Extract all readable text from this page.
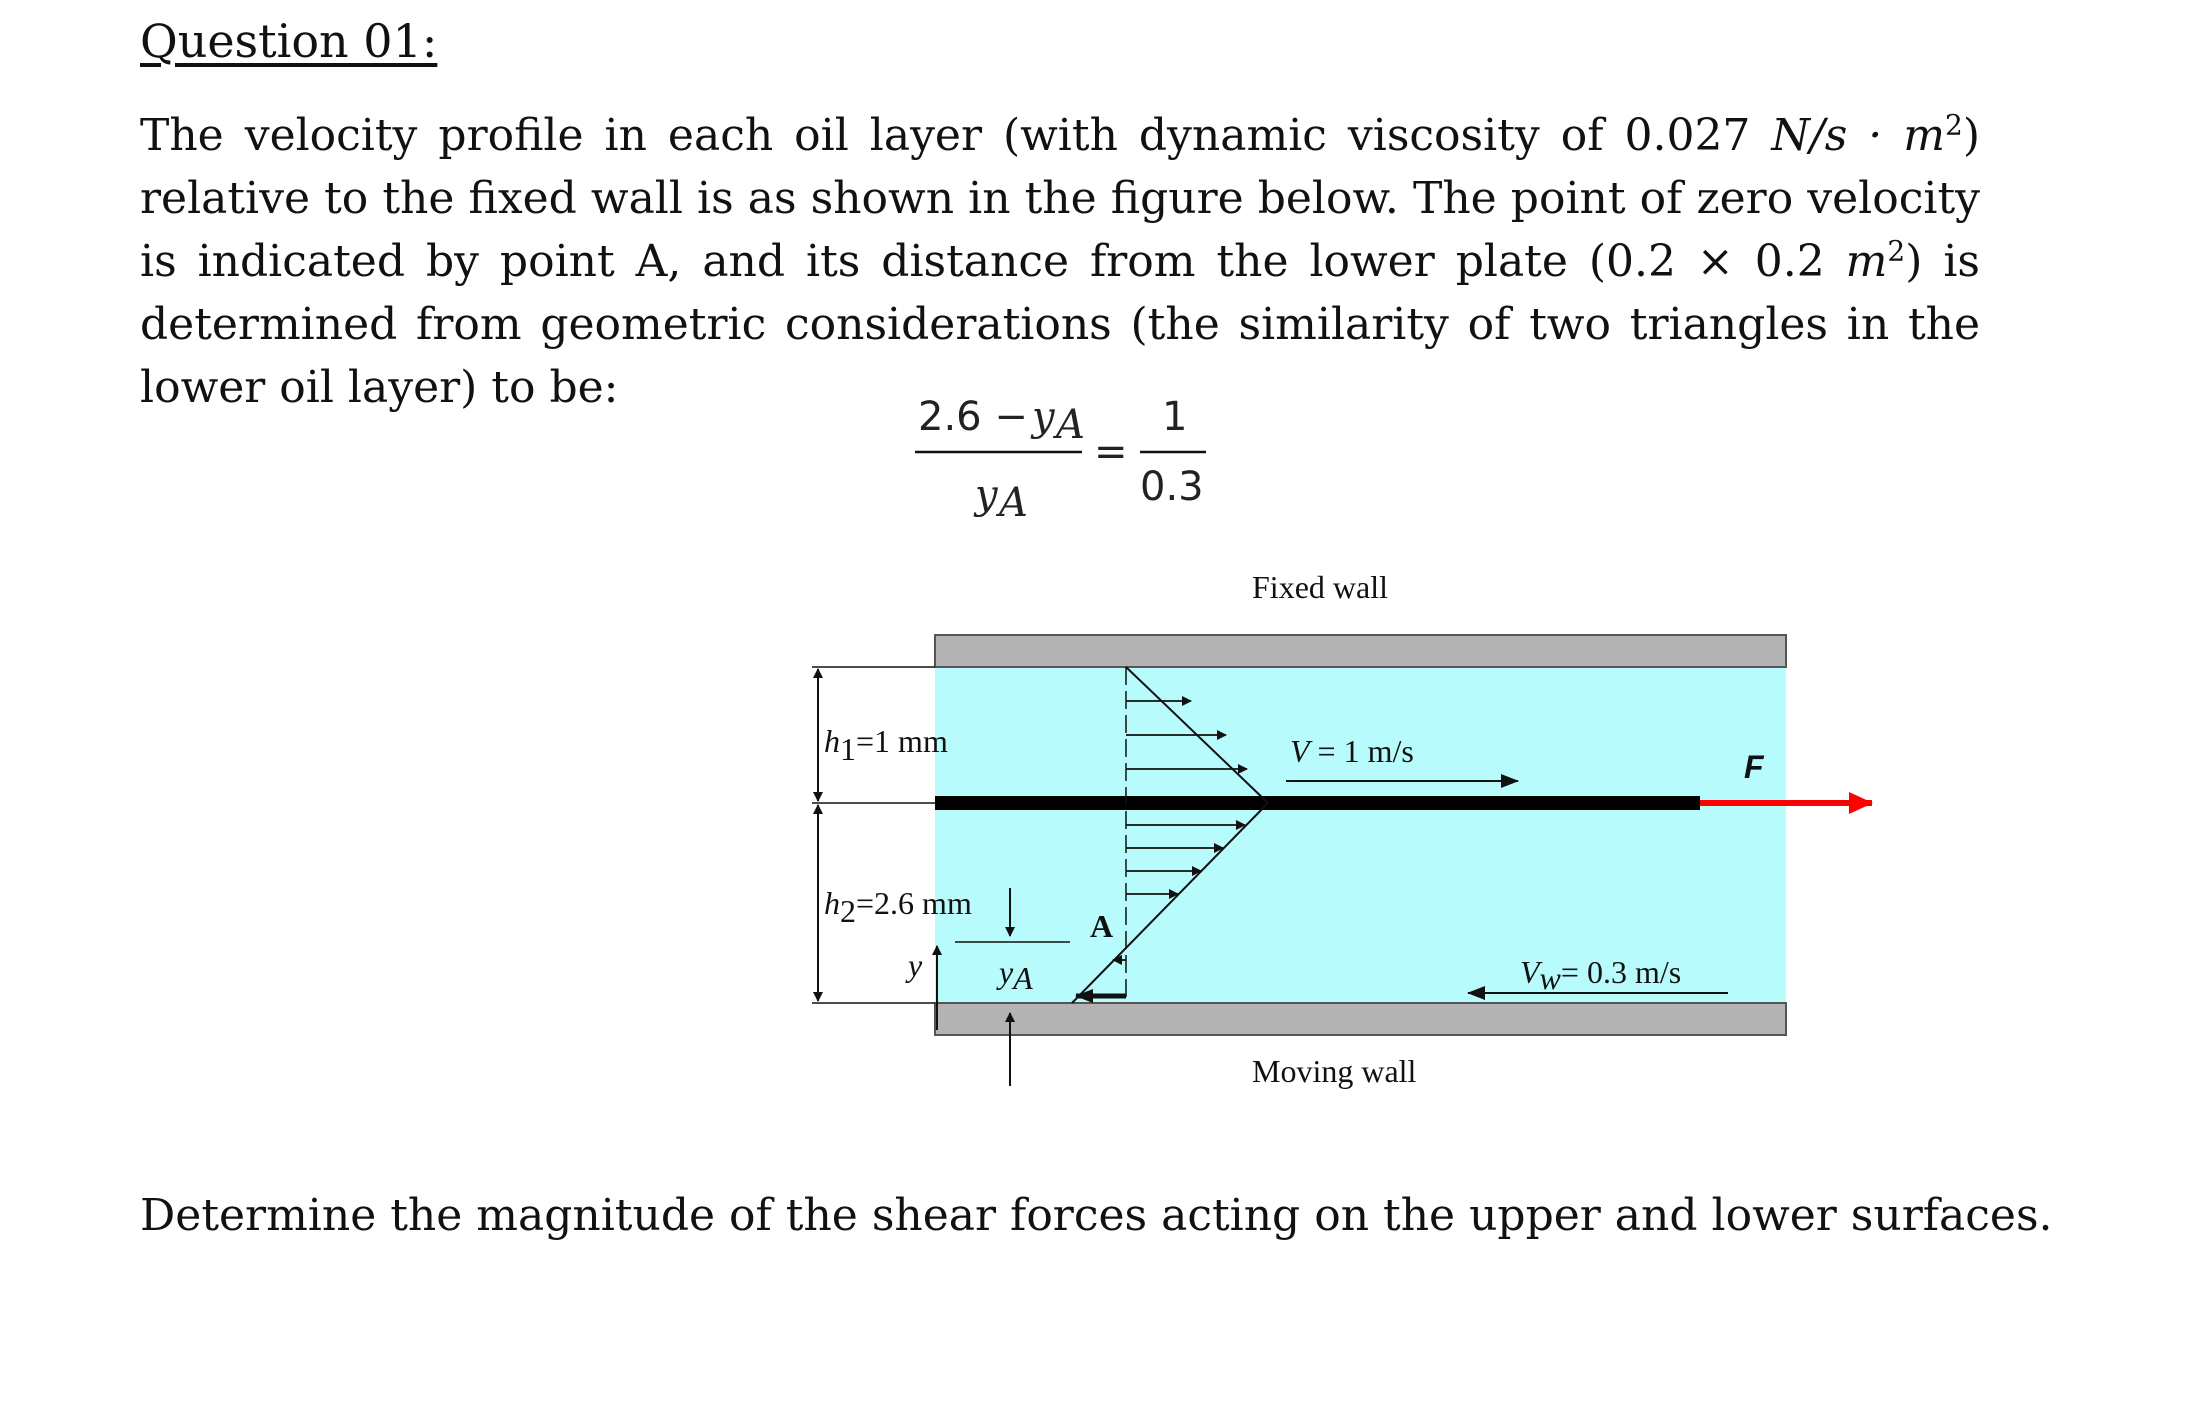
Question 01:

The velocity profile in each oil layer (with dynamic viscosity of 0.027 $N/s \cdot m^2$) relative to the fixed wall is as shown in the figure below. The point of zero velocity is indicated by point A, and its distance from the lower plate (0.2 × 0.2 $m^2$) is determined from geometric considerations (the similarity of two triangles in the lower oil layer) to be:

2.6 − y A
y A
=
1
0.3
F
Fixed wall
Moving wall
h1=1 mm
h2=2.6 mm
y yA
A
V = 1 m/s
Vw= 0.3 m/s

Determine the magnitude of the shear forces acting on the upper and lower surfaces.
